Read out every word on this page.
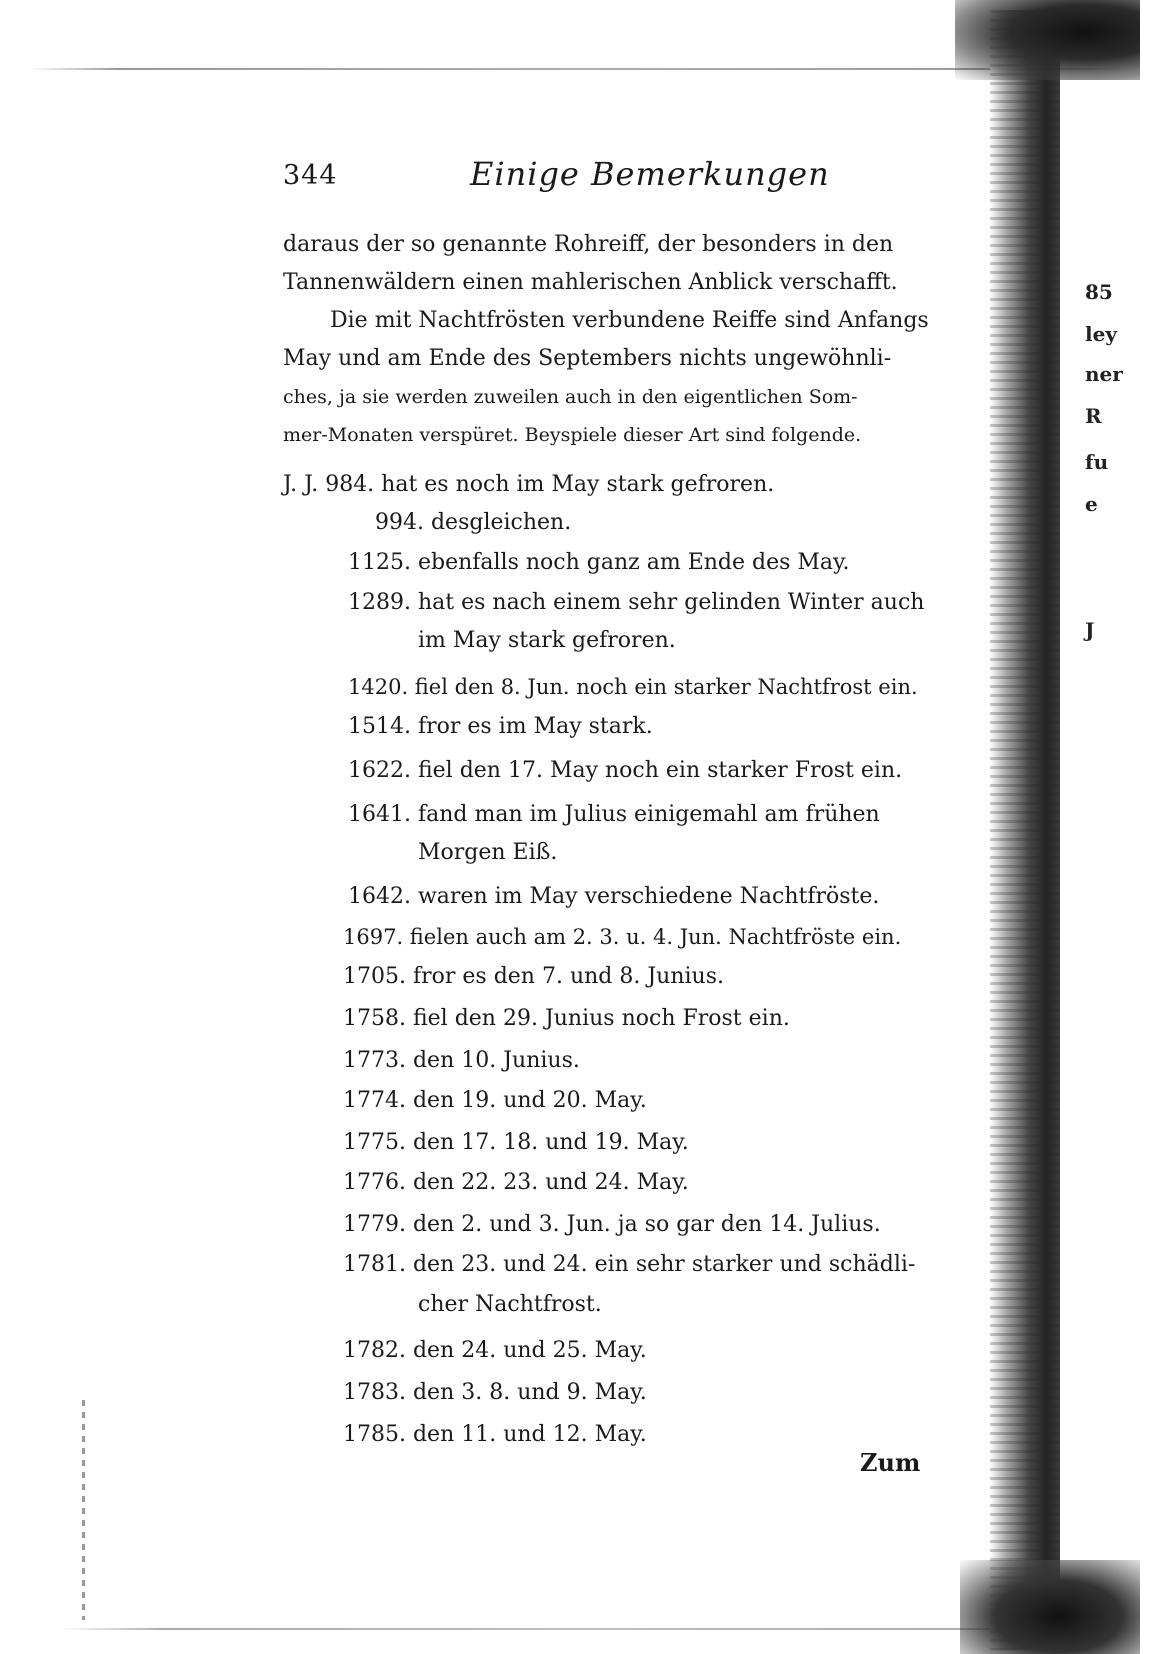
344	Einige Bemerkungen
daraus der so genannte Rohreiff, der besonders in den
Tannenwäldern einen mahlerischen Anblick verschafft.
Die mit Nachtfrösten verbundene Reiffe sind Anfangs
May und am Ende des Septembers nichts ungewöhnli-
ches, ja sie werden zuweilen auch in den eigentlichen Som-
mer-Monaten verspüret. Beyspiele dieser Art sind folgende.
J. J. 984. hat es noch im May stark gefroren.
994. desgleichen.
1125. ebenfalls noch ganz am Ende des May.
1289. hat es nach einem sehr gelinden Winter auch
im May stark gefroren.
1420. fiel den 8. Jun. noch ein starker Nachtfrost ein.
1514. fror es im May stark.
1622. fiel den 17. May noch ein starker Frost ein.
1641. fand man im Julius einigemahl am frühen
Morgen Eiß.
1642. waren im May verschiedene Nachtfröste.
1697. fielen auch am 2. 3. u. 4. Jun. Nachtfröste ein.
1705. fror es den 7. und 8. Junius.
1758. fiel den 29. Junius noch Frost ein.
1773. den 10. Junius.
1774. den 19. und 20. May.
1775. den 17. 18. und 19. May.
1776. den 22. 23. und 24. May.
1779. den 2. und 3. Jun. ja so gar den 14. Julius.
1781. den 23. und 24. ein sehr starker und schädli-
cher Nachtfrost.
1782. den 24. und 25. May.
1783. den 3. 8. und 9. May.
1785. den 11. und 12. May.
Zum
85
ley
ner
R
fu
e
J
